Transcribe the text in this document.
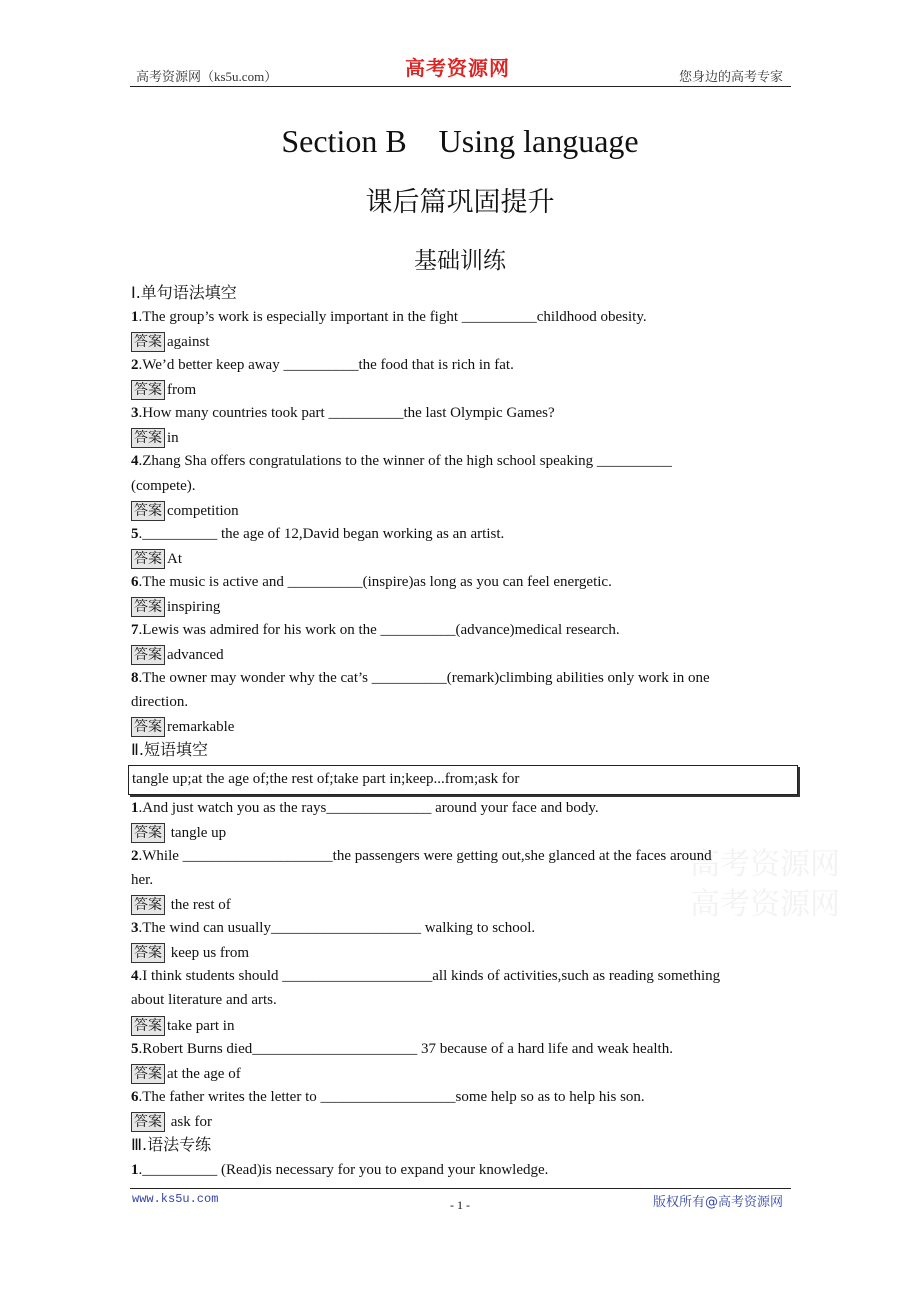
高考资源网（ks5u.com）	高考资源网	您身边的高考专家
高考资源网
高考资源网
Section B　Using language
课后篇巩固提升
基础训练
Ⅰ.单句语法填空
1.The group’s work is especially important in the fight __________childhood obesity.
答案 against
2.We’d better keep away __________the food that is rich in fat.
答案 from
3.How many countries took part __________the last Olympic Games?
答案 in
4.Zhang Sha offers congratulations to the winner of the high school speaking __________
(compete).
答案 competition
5.__________ the age of 12,David began working as an artist.
答案 At
6.The music is active and __________(inspire)as long as you can feel energetic.
答案 inspiring
7.Lewis was admired for his work on the __________(advance)medical research.
答案 advanced
8.The owner may wonder why the cat’s __________(remark)climbing abilities only work in one
direction.
答案 remarkable
Ⅱ.短语填空
tangle up;at the age of;the rest of;take part in;keep...from;ask for
1.And just watch you as the rays______________ around your face and body.
答案 tangle up
2.While ____________________the passengers were getting out,she glanced at the faces around
her.
答案 the rest of
3.The wind can usually____________________ walking to school.
答案 keep us from
4.I think students should ____________________all kinds of activities,such as reading something
about literature and arts.
答案 take part in
5.Robert Burns died______________________ 37 because of a hard life and weak health.
答案 at the age of
6.The father writes the letter to __________________some help so as to help his son.
答案 ask for
Ⅲ.语法专练
1.__________ (Read)is necessary for you to expand your knowledge.
www.ks5u.com	版权所有@高考资源网
- 1 -
